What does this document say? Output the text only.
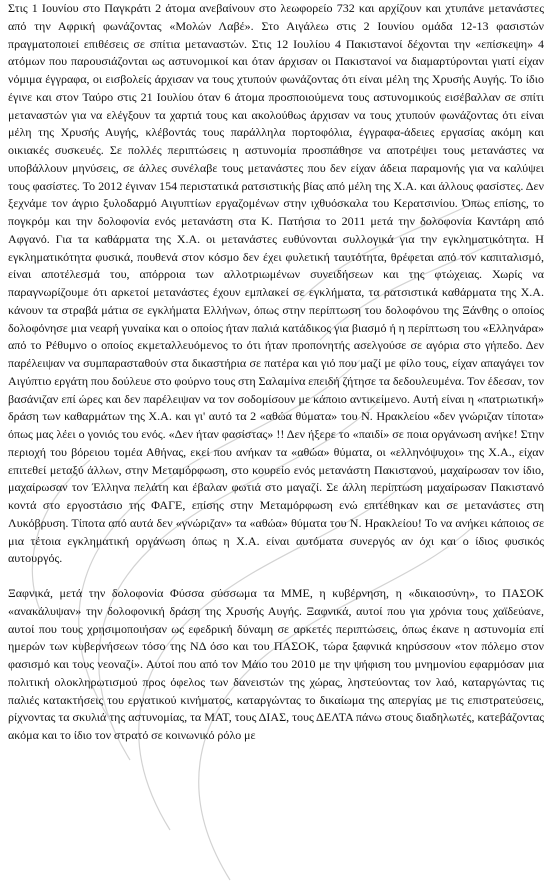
Στις 1 Ιουνίου στο Παγκράτι 2 άτομα ανεβαίνουν στο λεωφορείο 732 και αρχίζουν και χτυπάνε μετανάστες από την Αφρική φωνάζοντας «Μολών Λαβέ». Στο Αιγάλεω στις 2 Ιουνίου ομάδα 12-13 φασιστών πραγματοποιεί επιθέσεις σε σπίτια μεταναστών. Στις 12 Ιουλίου 4 Πακιστανοί δέχονται την «επίσκεψη» 4 ατόμων που παρουσιάζονται ως αστυνομικοί και όταν άρχισαν οι Πακιστανοί να διαμαρτύρονται γιατί είχαν νόμιμα έγγραφα, οι εισβολείς άρχισαν να τους χτυπούν φωνάζοντας ότι είναι μέλη της Χρυσής Αυγής. Το ίδιο έγινε και στον Ταύρο στις 21 Ιουλίου όταν 6 άτομα προσποιούμενα τους αστυνομικούς εισέβαλλαν σε σπίτι μεταναστών για να ελέγξουν τα χαρτιά τους και ακολούθως άρχισαν να τους χτυπούν φωνάζοντας ότι είναι μέλη της Χρυσής Αυγής, κλέβοντάς τους παράλληλα πορτοφόλια, έγγραφα-άδειες εργασίας ακόμη και οικιακές συσκευές. Σε πολλές περιπτώσεις η αστυνομία προσπάθησε να αποτρέψει τους μετανάστες να υποβάλλουν μηνύσεις, σε άλλες συνέλαβε τους μετανάστες που δεν είχαν άδεια παραμονής για να καλύψει τους φασίστες. Το 2012 έγιναν 154 περιστατικά ρατσιστικής βίας από μέλη της Χ.Α. και άλλους φασίστες. Δεν ξεχνάμε τον άγριο ξυλοδαρμό Αιγυπτίων εργαζομένων στην ιχθυόσκαλα του Κερατσινίου. Όπως επίσης, το πογκρόμ και την δολοφονία ενός μετανάστη στα Κ. Πατήσια το 2011 μετά την δολοφονία Καντάρη από Αφγανό. Για τα καθάρματα της Χ.Α. οι μετανάστες ευθύνονται συλλογικά για την εγκληματικότητα. Η εγκληματικότητα φυσικά, πουθενά στον κόσμο δεν έχει φυλετική ταυτότητα, θρέφεται από τον καπιταλισμό, είναι αποτέλεσμά του, απόρροια των αλλοτριωμένων συνειδήσεων και της φτώχειας. Χωρίς να παραγνωρίζουμε ότι αρκετοί μετανάστες έχουν εμπλακεί σε εγκλήματα, τα ρατσιστικά καθάρματα της Χ.Α. κάνουν τα στραβά μάτια σε εγκλήματα Ελλήνων, όπως στην περίπτωση του δολοφόνου της Ξάνθης ο οποίος δολοφόνησε μια νεαρή γυναίκα και ο οποίος ήταν παλιά κατάδικος για βιασμό ή η περίπτωση του «Ελληνάρα» από το Ρέθυμνο ο οποίος εκμεταλλευόμενος το ότι ήταν προπονητής ασελγούσε σε αγόρια στο γήπεδο. Δεν παρέλειψαν να συμπαρασταθούν στα δικαστήρια σε πατέρα και γιό που μαζί με φίλο τους, είχαν απαγάγει τον Αιγύπτιο εργάτη που δούλευε στο φούρνο τους στη Σαλαμίνα επειδή ζήτησε τα δεδουλευμένα. Τον έδεσαν, τον βασάνιζαν επί ώρες και δεν παρέλειψαν να τον σοδομίσουν με κάποιο αντικείμενο. Αυτή είναι η «πατριωτική» δράση των καθαρμάτων της Χ.Α. και γι' αυτό τα 2 «αθώα θύματα» του Ν. Ηρακλείου «δεν γνώριζαν τίποτα» όπως μας λέει ο γονιός του ενός. «Δεν ήταν φασίστας» !! Δεν ήξερε το «παιδί» σε ποια οργάνωση ανήκε! Στην περιοχή του βόρειου τομέα Αθήνας, εκεί που ανήκαν τα «αθώα» θύματα, οι «ελληνόψυχοι» της Χ.Α., είχαν επιτεθεί μεταξύ άλλων, στην Μεταμόρφωση, στο κουρείο ενός μετανάστη Πακιστανού, μαχαίρωσαν τον ίδιο, μαχαίρωσαν τον Έλληνα πελάτη και έβαλαν φωτιά στο μαγαζί. Σε άλλη περίπτωση μαχαίρωσαν Πακιστανό κοντά στο εργοστάσιο της ΦΑΓΕ, επίσης στην Μεταμόρφωση ενώ επιτέθηκαν και σε μετανάστες στη Λυκόβρυση. Τίποτα από αυτά δεν «γνώριζαν» τα «αθώα» θύματα του Ν. Ηρακλείου! Το να ανήκει κάποιος σε μια τέτοια εγκληματική οργάνωση όπως η Χ.Α. είναι αυτόματα συνεργός αν όχι και ο ίδιος φυσικός αυτουργός.

Ξαφνικά, μετά την δολοφονία Φύσσα σύσσωμα τα ΜΜΕ, η κυβέρνηση, η «δικαιοσύνη», το ΠΑΣΟΚ «ανακάλυψαν» την δολοφονική δράση της Χρυσής Αυγής. Ξαφνικά, αυτοί που για χρόνια τους χαϊδεύανε, αυτοί που τους χρησιμοποιήσαν ως εφεδρική δύναμη σε αρκετές περιπτώσεις, όπως έκανε η αστυνομία επί ημερών των κυβερνήσεων τόσο της ΝΔ όσο και του ΠΑΣΟΚ, τώρα ξαφνικά κηρύσσουν «τον πόλεμο στον φασισμό και τους νεοναζί». Αυτοί που από τον Μάιο του 2010 με την ψήφιση του μνημονίου εφαρμόσαν μια πολιτική ολοκληρωτισμού προς όφελος των δανειστών της χώρας, ληστεύοντας τον λαό, καταργώντας τις παλιές κατακτήσεις του εργατικού κινήματος, καταργώντας το δικαίωμα της απεργίας με τις επιστρατεύσεις, ρίχνοντας τα σκυλιά της αστυνομίας, τα ΜΑΤ, τους ΔΙΑΣ, τους ΔΕΛΤΑ πάνω στους διαδηλωτές, κατεβάζοντας ακόμα και το ίδιο τον στρατό σε κοινωνικό ρόλο με
